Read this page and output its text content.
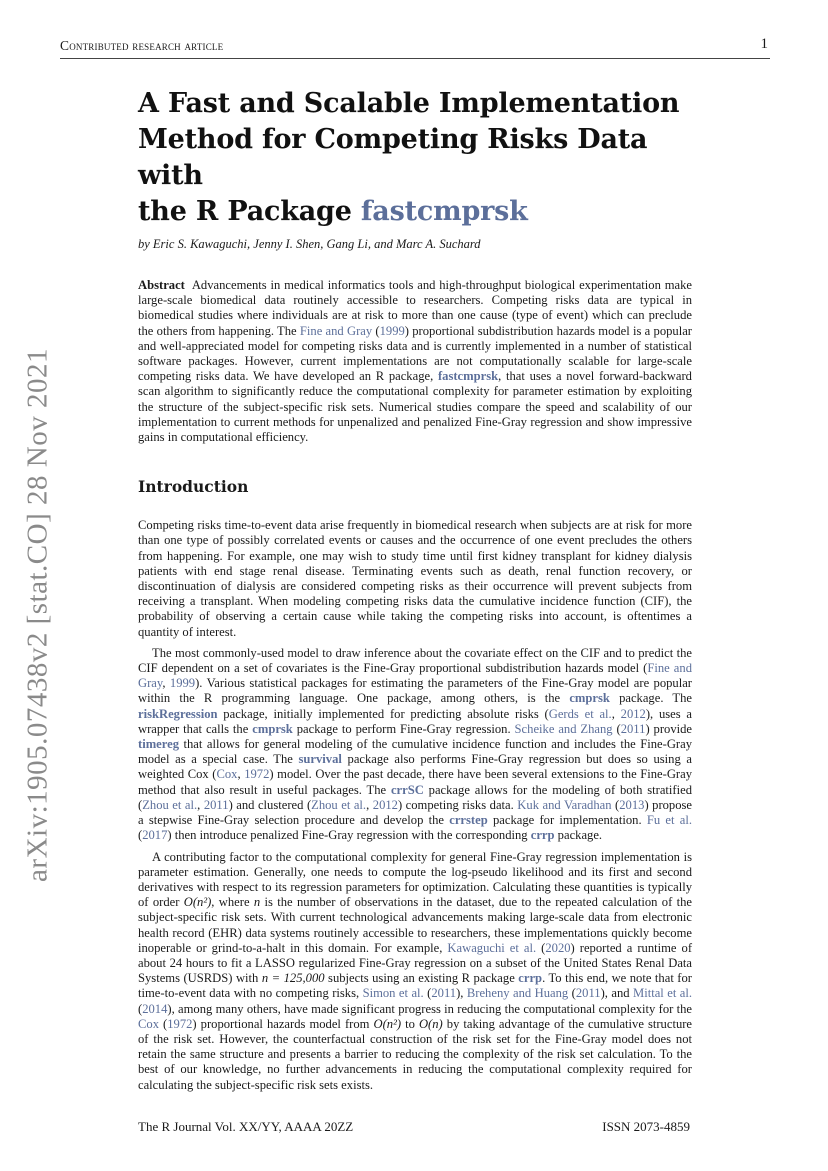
Contributed research article	1
arXiv:1905.07438v2 [stat.CO] 28 Nov 2021
A Fast and Scalable Implementation
Method for Competing Risks Data with
the R Package fastcmprsk
by Eric S. Kawaguchi, Jenny I. Shen, Gang Li, and Marc A. Suchard
Abstract Advancements in medical informatics tools and high-throughput biological experimentation make large-scale biomedical data routinely accessible to researchers. Competing risks data are typical in biomedical studies where individuals are at risk to more than one cause (type of event) which can preclude the others from happening. The Fine and Gray (1999) proportional subdistribution hazards model is a popular and well-appreciated model for competing risks data and is currently implemented in a number of statistical software packages. However, current implementations are not computationally scalable for large-scale competing risks data. We have developed an R package, fastcmprsk, that uses a novel forward-backward scan algorithm to significantly reduce the computational complexity for parameter estimation by exploiting the structure of the subject-specific risk sets. Numerical studies compare the speed and scalability of our implementation to current methods for unpenalized and penalized Fine-Gray regression and show impressive gains in computational efficiency.
Introduction

Competing risks time-to-event data arise frequently in biomedical research when subjects are at risk for more than one type of possibly correlated events or causes and the occurrence of one event precludes the others from happening. For example, one may wish to study time until first kidney transplant for kidney dialysis patients with end stage renal disease. Terminating events such as death, renal function recovery, or discontinuation of dialysis are considered competing risks as their occurrence will prevent subjects from receiving a transplant. When modeling competing risks data the cumulative incidence function (CIF), the probability of observing a certain cause while taking the competing risks into account, is oftentimes a quantity of interest.

The most commonly-used model to draw inference about the covariate effect on the CIF and to predict the CIF dependent on a set of covariates is the Fine-Gray proportional subdistribution hazards model (Fine and Gray, 1999). Various statistical packages for estimating the parameters of the Fine-Gray model are popular within the R programming language. One package, among others, is the cmprsk package. The riskRegression package, initially implemented for predicting absolute risks (Gerds et al., 2012), uses a wrapper that calls the cmprsk package to perform Fine-Gray regression. Scheike and Zhang (2011) provide timereg that allows for general modeling of the cumulative incidence function and includes the Fine-Gray model as a special case. The survival package also performs Fine-Gray regression but does so using a weighted Cox (Cox, 1972) model. Over the past decade, there have been several extensions to the Fine-Gray method that also result in useful packages. The crrSC package allows for the modeling of both stratified (Zhou et al., 2011) and clustered (Zhou et al., 2012) competing risks data. Kuk and Varadhan (2013) propose a stepwise Fine-Gray selection procedure and develop the crrstep package for implementation. Fu et al. (2017) then introduce penalized Fine-Gray regression with the corresponding crrp package.

A contributing factor to the computational complexity for general Fine-Gray regression implementation is parameter estimation. Generally, one needs to compute the log-pseudo likelihood and its first and second derivatives with respect to its regression parameters for optimization. Calculating these quantities is typically of order O(n²), where n is the number of observations in the dataset, due to the repeated calculation of the subject-specific risk sets. With current technological advancements making large-scale data from electronic health record (EHR) data systems routinely accessible to researchers, these implementations quickly become inoperable or grind-to-a-halt in this domain. For example, Kawaguchi et al. (2020) reported a runtime of about 24 hours to fit a LASSO regularized Fine-Gray regression on a subset of the United States Renal Data Systems (USRDS) with n = 125,000 subjects using an existing R package crrp. To this end, we note that for time-to-event data with no competing risks, Simon et al. (2011), Breheny and Huang (2011), and Mittal et al. (2014), among many others, have made significant progress in reducing the computational complexity for the Cox (1972) proportional hazards model from O(n²) to O(n) by taking advantage of the cumulative structure of the risk set. However, the counterfactual construction of the risk set for the Fine-Gray model does not retain the same structure and presents a barrier to reducing the complexity of the risk set calculation. To the best of our knowledge, no further advancements in reducing the computational complexity required for calculating the subject-specific risk sets exists.

The R Journal Vol. XX/YY, AAAA 20ZZ	ISSN 2073-4859
